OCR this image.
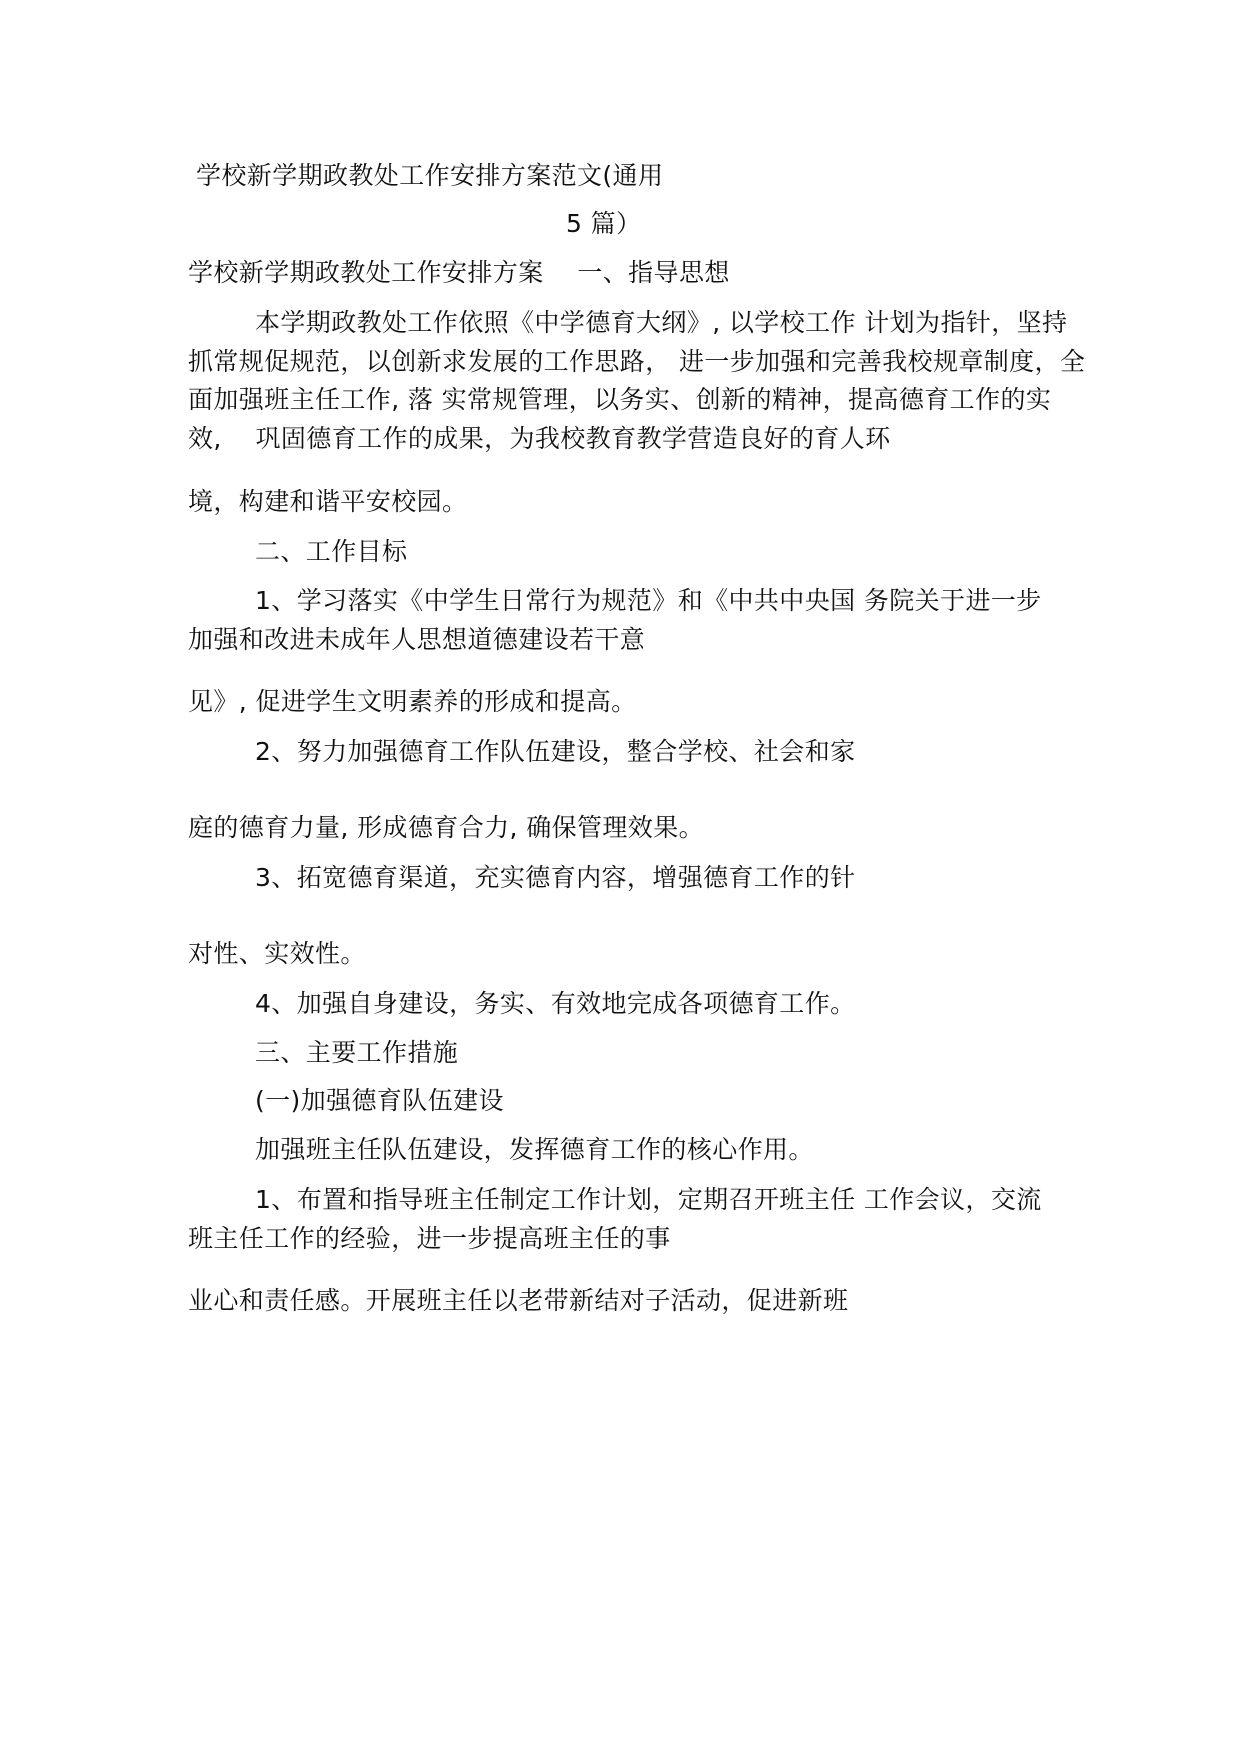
学校新学期政教处工作安排方案范文(通用
5 篇）
学校新学期政教处工作安排方案　 一、指导思想
本学期政教处工作依照《中学德育大纲》, 以学校工作 计划为指针，坚持
抓常规促规范，以创新求发展的工作思路， 进一步加强和完善我校规章制度，全
面加强班主任工作, 落 实常规管理，以务实、创新的精神，提高德育工作的实
效,　 巩固德育工作的成果，为我校教育教学营造良好的育人环
境，构建和谐平安校园。
二、工作目标
1、学习落实《中学生日常行为规范》和《中共中央国 务院关于进一步
加强和改进未成年人思想道德建设若干意
见》, 促进学生文明素养的形成和提高。
2、努力加强德育工作队伍建设，整合学校、社会和家
庭的德育力量, 形成德育合力, 确保管理效果。
3、拓宽德育渠道，充实德育内容，增强德育工作的针
对性、实效性。
4、加强自身建设，务实、有效地完成各项德育工作。
三、主要工作措施
(一)加强德育队伍建设
加强班主任队伍建设，发挥德育工作的核心作用。
1、布置和指导班主任制定工作计划，定期召开班主任 工作会议，交流
班主任工作的经验，进一步提高班主任的事
业心和责任感。开展班主任以老带新结对子活动，促进新班
